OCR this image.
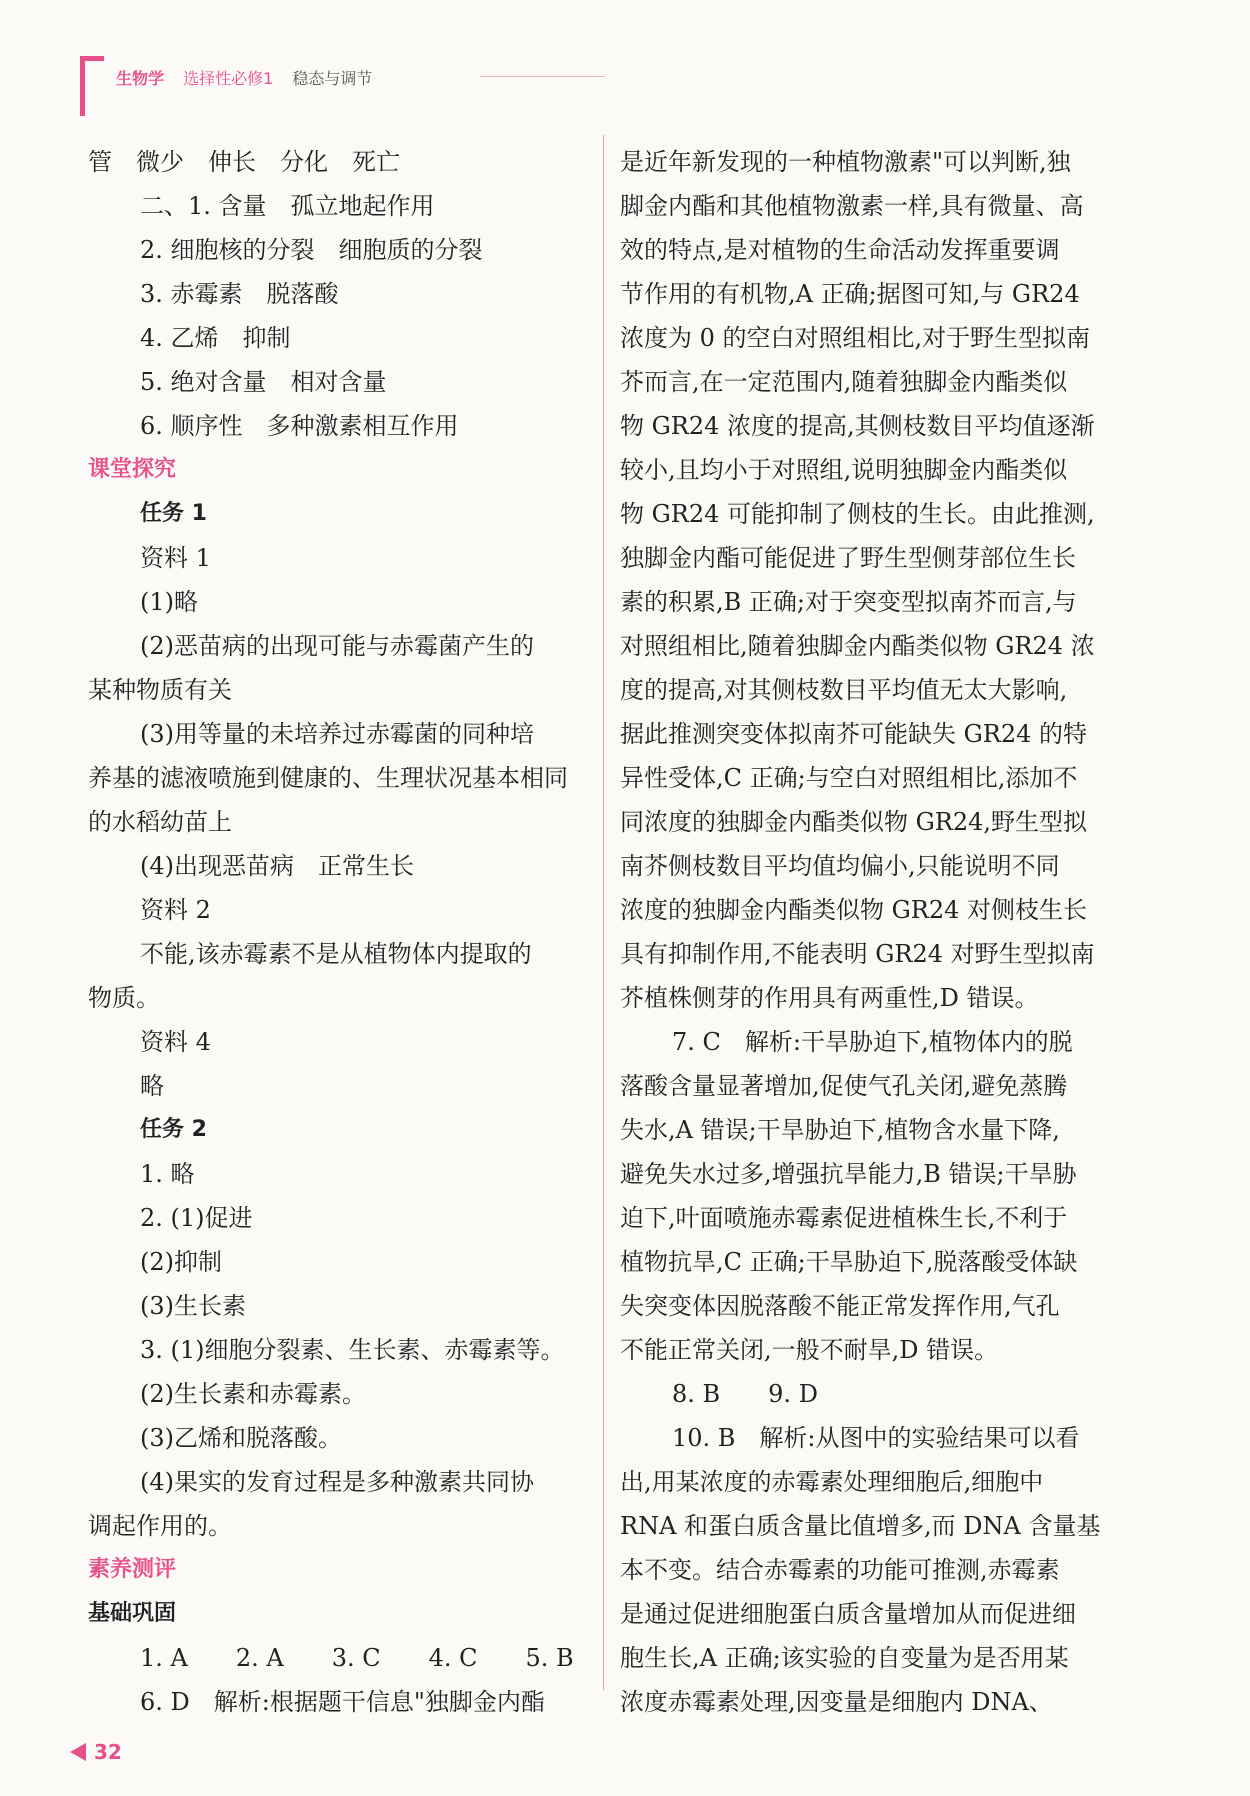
生物学 选择性必修1 稳态与调节
管　微少　伸长　分化　死亡
二、1. 含量　孤立地起作用
2. 细胞核的分裂　细胞质的分裂
3. 赤霉素　脱落酸
4. 乙烯　抑制
5. 绝对含量　相对含量
6. 顺序性　多种激素相互作用
课堂探究
任务 1
资料 1
(1)略
(2)恶苗病的出现可能与赤霉菌产生的
某种物质有关
(3)用等量的未培养过赤霉菌的同种培
养基的滤液喷施到健康的、生理状况基本相同
的水稻幼苗上
(4)出现恶苗病　正常生长
资料 2
不能,该赤霉素不是从植物体内提取的
物质。
资料 4
略
任务 2
1. 略
2. (1)促进
(2)抑制
(3)生长素
3. (1)细胞分裂素、生长素、赤霉素等。
(2)生长素和赤霉素。
(3)乙烯和脱落酸。
(4)果实的发育过程是多种激素共同协
调起作用的。
素养测评
基础巩固
1. A　　2. A　　3. C　　4. C　　5. B
6. D　解析:根据题干信息"独脚金内酯
是近年新发现的一种植物激素"可以判断,独
脚金内酯和其他植物激素一样,具有微量、高
效的特点,是对植物的生命活动发挥重要调
节作用的有机物,A 正确;据图可知,与 GR24
浓度为 0 的空白对照组相比,对于野生型拟南
芥而言,在一定范围内,随着独脚金内酯类似
物 GR24 浓度的提高,其侧枝数目平均值逐渐
较小,且均小于对照组,说明独脚金内酯类似
物 GR24 可能抑制了侧枝的生长。由此推测,
独脚金内酯可能促进了野生型侧芽部位生长
素的积累,B 正确;对于突变型拟南芥而言,与
对照组相比,随着独脚金内酯类似物 GR24 浓
度的提高,对其侧枝数目平均值无太大影响,
据此推测突变体拟南芥可能缺失 GR24 的特
异性受体,C 正确;与空白对照组相比,添加不
同浓度的独脚金内酯类似物 GR24,野生型拟
南芥侧枝数目平均值均偏小,只能说明不同
浓度的独脚金内酯类似物 GR24 对侧枝生长
具有抑制作用,不能表明 GR24 对野生型拟南
芥植株侧芽的作用具有两重性,D 错误。
7. C　解析:干旱胁迫下,植物体内的脱
落酸含量显著增加,促使气孔关闭,避免蒸腾
失水,A 错误;干旱胁迫下,植物含水量下降,
避免失水过多,增强抗旱能力,B 错误;干旱胁
迫下,叶面喷施赤霉素促进植株生长,不利于
植物抗旱,C 正确;干旱胁迫下,脱落酸受体缺
失突变体因脱落酸不能正常发挥作用,气孔
不能正常关闭,一般不耐旱,D 错误。
8. B　　9. D
10. B　解析:从图中的实验结果可以看
出,用某浓度的赤霉素处理细胞后,细胞中
RNA 和蛋白质含量比值增多,而 DNA 含量基
本不变。结合赤霉素的功能可推测,赤霉素
是通过促进细胞蛋白质含量增加从而促进细
胞生长,A 正确;该实验的自变量为是否用某
浓度赤霉素处理,因变量是细胞内 DNA、
32
